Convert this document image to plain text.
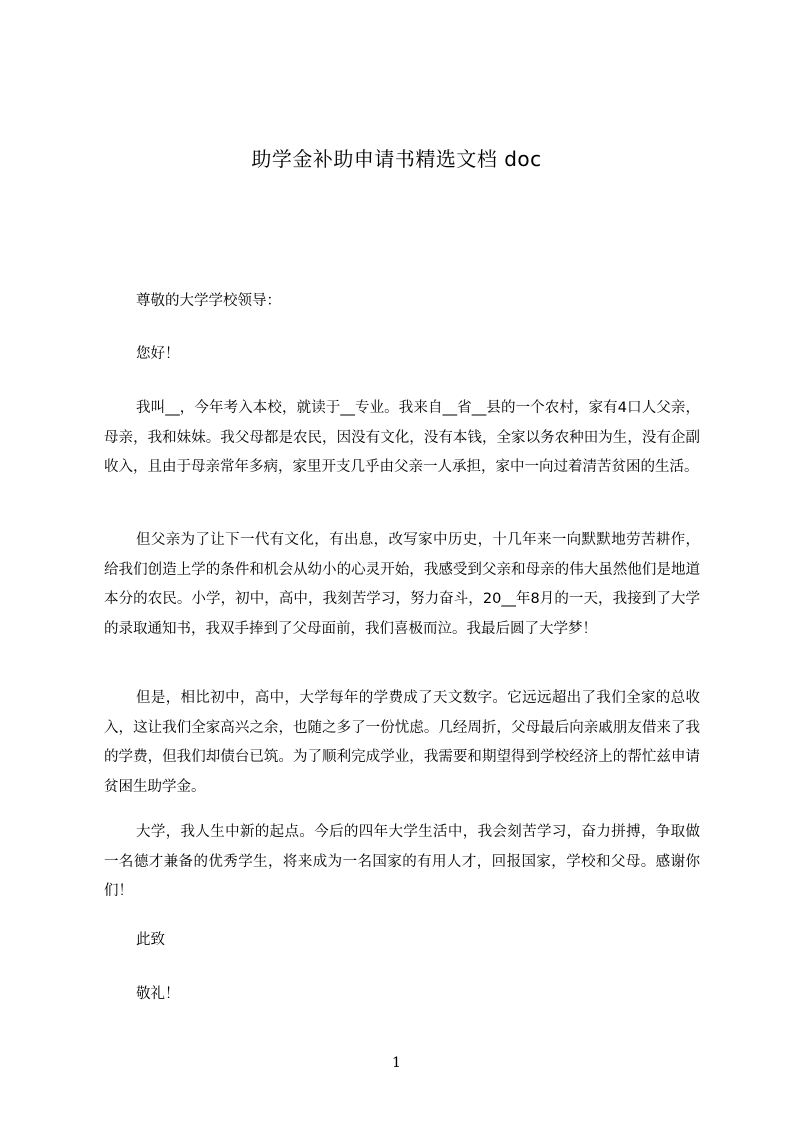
助学金补助申请书精选文档 doc

尊敬的大学学校领导：

您好！

我叫__，今年考入本校，就读于__专业。我来自__省__县的一个农村，家有4口人父亲，母亲，我和妹妹。我父母都是农民，因没有文化，没有本钱，全家以务农种田为生，没有企副收入，且由于母亲常年多病，家里开支几乎由父亲一人承担，家中一向过着清苦贫困的生活。

但父亲为了让下一代有文化，有出息，改写家中历史，十几年来一向默默地劳苦耕作，给我们创造上学的条件和机会从幼小的心灵开始，我感受到父亲和母亲的伟大虽然他们是地道本分的农民。小学，初中，高中，我刻苦学习，努力奋斗，20__年8月的一天，我接到了大学的录取通知书，我双手捧到了父母面前，我们喜极而泣。我最后圆了大学梦！

但是，相比初中，高中，大学每年的学费成了天文数字。它远远超出了我们全家的总收入，这让我们全家高兴之余，也随之多了一份忧虑。几经周折，父母最后向亲戚朋友借来了我的学费，但我们却债台已筑。为了顺利完成学业，我需要和期望得到学校经济上的帮忙兹申请贫困生助学金。

大学，我人生中新的起点。今后的四年大学生活中，我会刻苦学习，奋力拼搏，争取做一名德才兼备的优秀学生，将来成为一名国家的有用人才，回报国家，学校和父母。感谢你们！

此致

敬礼！

1
